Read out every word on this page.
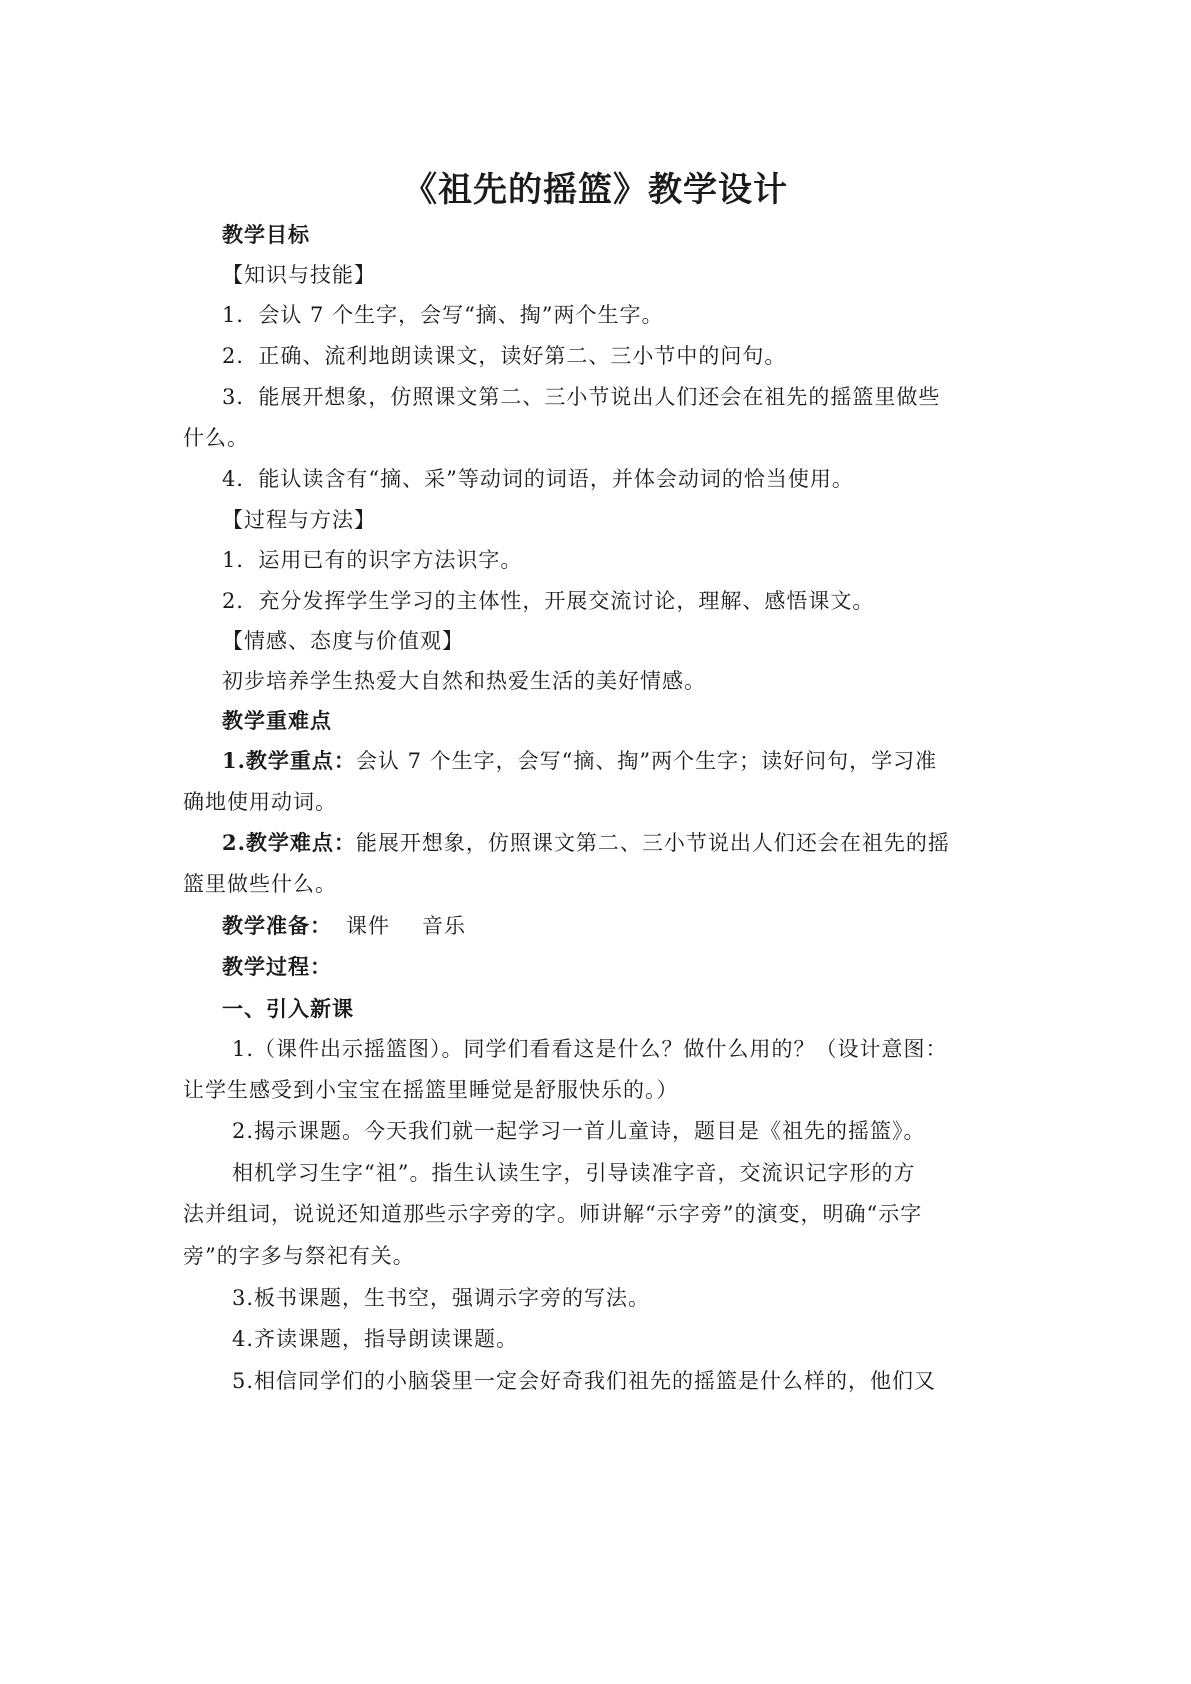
《祖先的摇篮》教学设计
教学目标
【知识与技能】
1．会认 7 个生字，会写“摘、掏”两个生字。
2．正确、流利地朗读课文，读好第二、三小节中的问句。
3．能展开想象，仿照课文第二、三小节说出人们还会在祖先的摇篮里做些
什么。
4．能认读含有“摘、采”等动词的词语，并体会动词的恰当使用。
【过程与方法】
1．运用已有的识字方法识字。
2．充分发挥学生学习的主体性，开展交流讨论，理解、感悟课文。
【情感、态度与价值观】
初步培养学生热爱大自然和热爱生活的美好情感。
教学重难点
1.教学重点：会认 7 个生字，会写“摘、掏”两个生字；读好问句，学习准
确地使用动词。
2.教学难点：能展开想象，仿照课文第二、三小节说出人们还会在祖先的摇
篮里做些什么。
教学准备： 课件 音乐
教学过程：
一、引入新课
1.（课件出示摇篮图）。同学们看看这是什么？做什么用的？（设计意图：
让学生感受到小宝宝在摇篮里睡觉是舒服快乐的。）
2.揭示课题。今天我们就一起学习一首儿童诗，题目是《祖先的摇篮》。
相机学习生字“祖”。指生认读生字，引导读准字音，交流识记字形的方
法并组词，说说还知道那些示字旁的字。师讲解“示字旁”的演变，明确“示字
旁”的字多与祭祀有关。
3.板书课题，生书空，强调示字旁的写法。
4.齐读课题，指导朗读课题。
5.相信同学们的小脑袋里一定会好奇我们祖先的摇篮是什么样的，他们又
